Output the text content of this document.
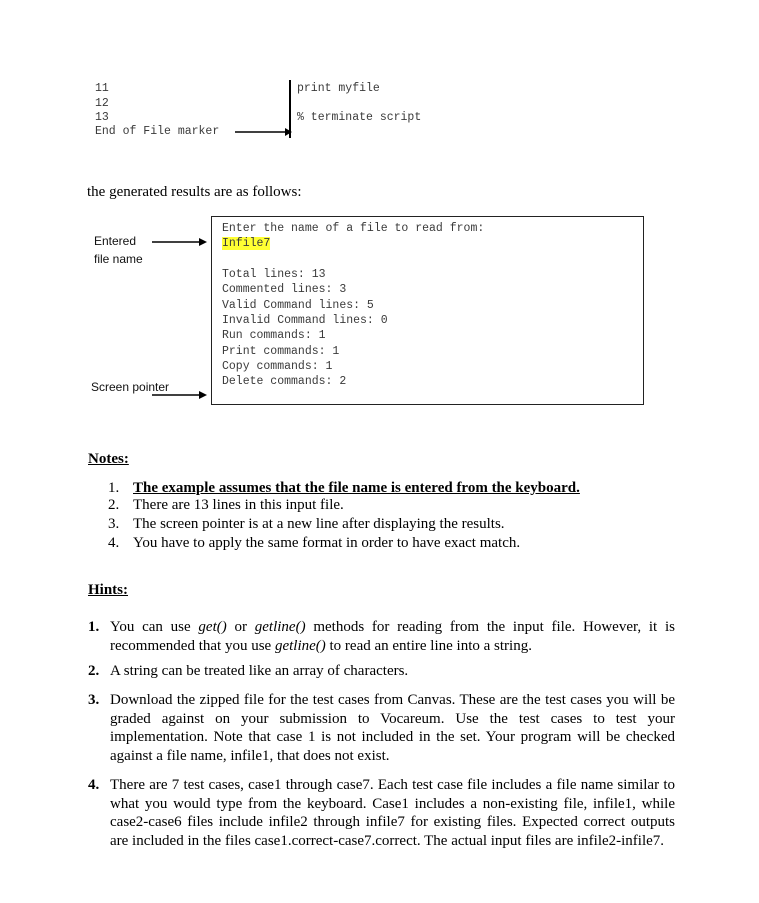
11
12
13
End of File marker
print myfile
% terminate script
the generated results are as follows:
Enter the name of a file to read from:
Infile7
Total lines: 13
Commented lines: 3
Valid Command lines: 5
Invalid Command lines: 0
Run commands: 1
Print commands: 1
Copy commands: 1
Delete commands: 2
Entered
file name
Screen pointer
Notes:
1. The example assumes that the file name is entered from the keyboard.
2. There are 13 lines in this input file.
3. The screen pointer is at a new line after displaying the results.
4. You have to apply the same format in order to have exact match.
Hints:
1. You can use get() or getline() methods for reading from the input file. However, it is recommended that you use getline() to read an entire line into a string.
2. A string can be treated like an array of characters.
3. Download the zipped file for the test cases from Canvas. These are the test cases you will be graded against on your submission to Vocareum. Use the test cases to test your implementation. Note that case 1 is not included in the set. Your program will be checked against a file name, infile1, that does not exist.
4. There are 7 test cases, case1 through case7. Each test case file includes a file name similar to what you would type from the keyboard. Case1 includes a non-existing file, infile1, while case2-case6 files include infile2 through infile7 for existing files. Expected correct outputs are included in the files case1.correct-case7.correct. The actual input files are infile2-infile7.
